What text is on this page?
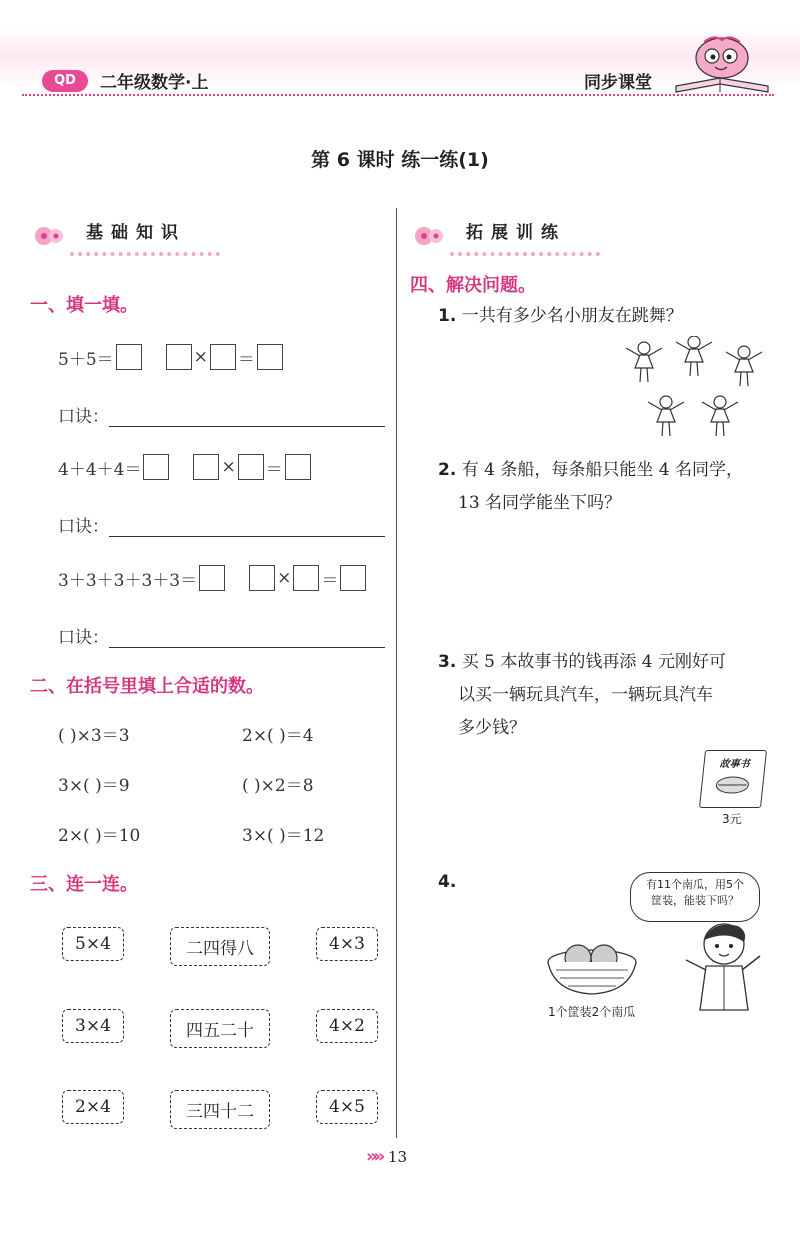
QD	二年级数学·上	同步课堂
第 6 课时 练一练(1)
基础知识
一、填一填。
5＋5＝	× ＝
口诀：
4＋4＋4＝	× ＝
口诀：
3＋3＋3＋3＋3＝	× ＝
口诀：
二、在括号里填上合适的数。
( )×3＝3	2×( )＝4
3×( )＝9	( )×2＝8
2×( )＝10	3×( )＝12
三、连一连。
5×4	二四得八	4×3
3×4	四五二十	4×2
2×4	三四十二	4×5
拓展训练
四、解决问题。
1. 一共有多少名小朋友在跳舞？
2. 有 4 条船，每条船只能坐 4 名同学，
13 名同学能坐下吗？
3. 买 5 本故事书的钱再添 4 元刚好可
以买一辆玩具汽车，一辆玩具汽车
多少钱？
故事书
3元
4.	有11个南瓜，用5个
筐装，能装下吗？
1个筐装2个南瓜
»» 13
